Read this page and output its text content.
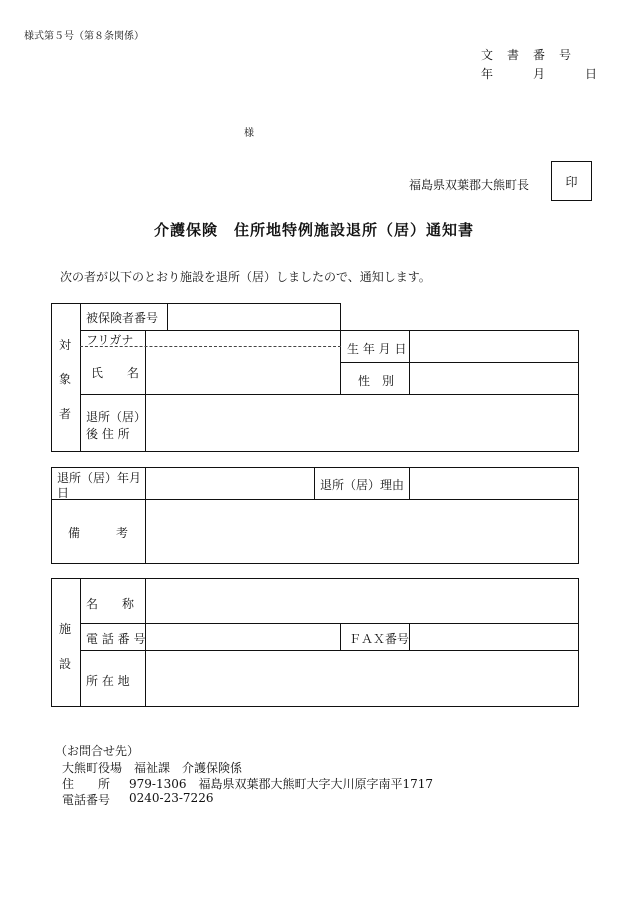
様式第５号（第８条関係）
文　書　番　号
年　　　月　　　日
様
福島県双葉郡大熊町長	印
介護保険　住所地特例施設退所（居）通知書
次の者が以下のとおり施設を退所（居）しましたので、通知します。
対
象
者
被保険者番号
フリガナ
氏　　名
生 年 月 日
性　別
退所（居）
後 住 所
退所（居）年月
日
退所（居）理由
備　　　考
施
設
名　　称
電 話 番 号	ＦＡＸ番号
所 在 地
（お問合せ先）
大熊町役場　福祉課　介護保険係
住　　所 979-1306　福島県双葉郡大熊町大字大川原字南平1717
電話番号 0240-23-7226
